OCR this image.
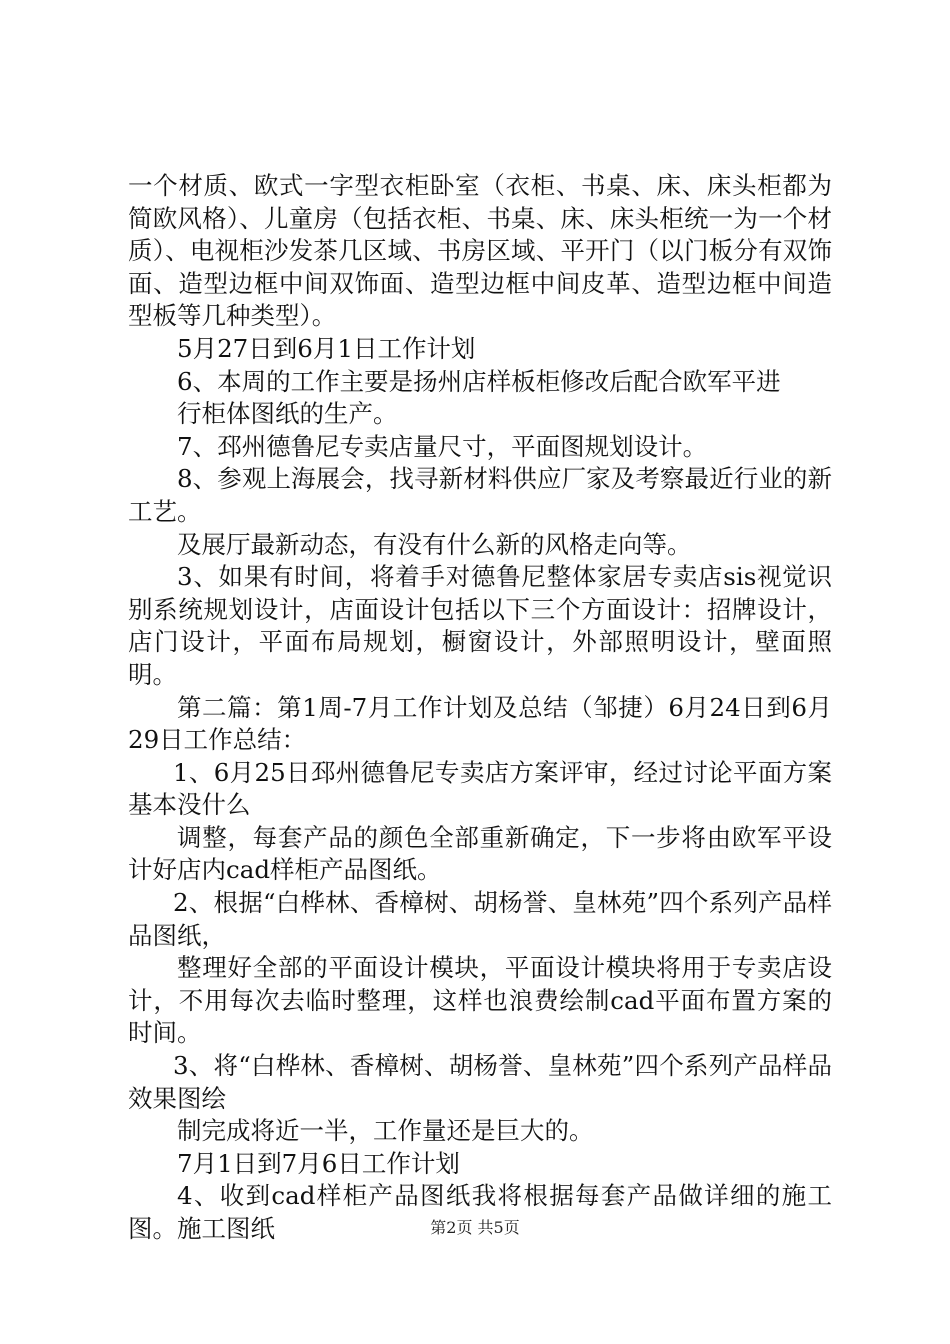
一个材质、欧式一字型衣柜卧室（衣柜、书桌、床、床头柜都为简欧风格）、儿童房（包括衣柜、书桌、床、床头柜统一为一个材质）、电视柜沙发茶几区域、书房区域、平开门（以门板分有双饰面、造型边框中间双饰面、造型边框中间皮革、造型边框中间造型板等几种类型）。

5月27日到6月1日工作计划

6、本周的工作主要是扬州店样板柜修改后配合欧军平进

行柜体图纸的生产。

7、邳州德鲁尼专卖店量尺寸，平面图规划设计。

8、参观上海展会，找寻新材料供应厂家及考察最近行业的新工艺。

及展厅最新动态，有没有什么新的风格走向等。

3、如果有时间，将着手对德鲁尼整体家居专卖店sis视觉识别系统规划设计，店面设计包括以下三个方面设计：招牌设计，店门设计，平面布局规划，橱窗设计，外部照明设计，壁面照明。

第二篇：第1周-7月工作计划及总结（邹捷）6月24日到6月29日工作总结：

1、6月25日邳州德鲁尼专卖店方案评审，经过讨论平面方案基本没什么

调整，每套产品的颜色全部重新确定，下一步将由欧军平设计好店内cad样柜产品图纸。

2、根据“白桦林、香樟树、胡杨誉、皇林苑”四个系列产品样品图纸，

整理好全部的平面设计模块，平面设计模块将用于专卖店设计，不用每次去临时整理，这样也浪费绘制cad平面布置方案的时间。

3、将“白桦林、香樟树、胡杨誉、皇林苑”四个系列产品样品效果图绘

制完成将近一半，工作量还是巨大的。

7月1日到7月6日工作计划

4、收到cad样柜产品图纸我将根据每套产品做详细的施工图。施工图纸	第2页 共5页
